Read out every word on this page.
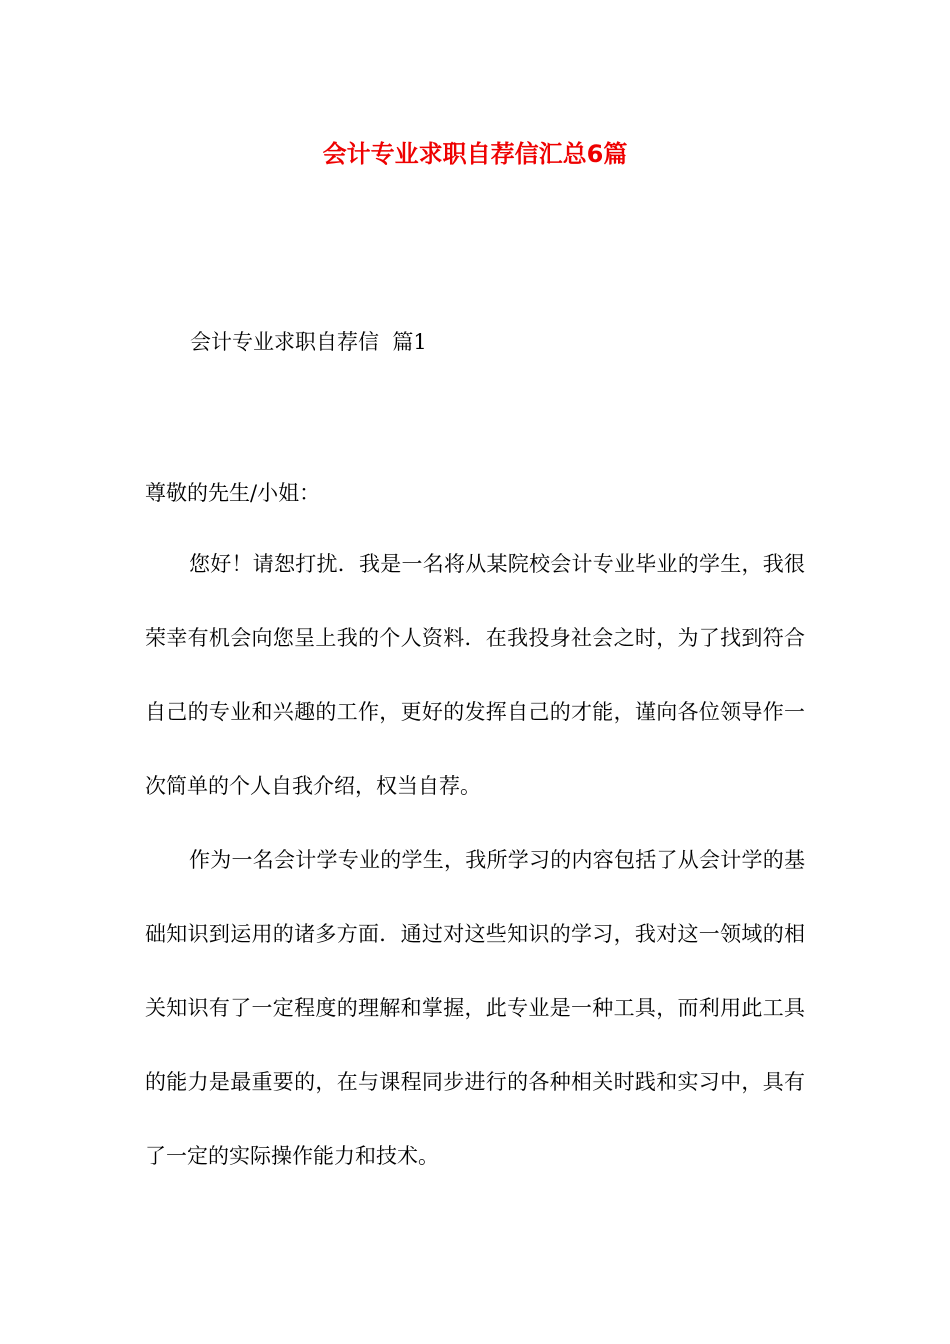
会计专业求职自荐信汇总6篇
会计专业求职自荐信  篇1
尊敬的先生/小姐：

您好！请恕打扰．我是一名将从某院校会计专业毕业的学生，我很荣幸有机会向您呈上我的个人资料．在我投身社会之时，为了找到符合自己的专业和兴趣的工作，更好的发挥自己的才能，谨向各位领导作一次简单的个人自我介绍，权当自荐。

作为一名会计学专业的学生，我所学习的内容包括了从会计学的基础知识到运用的诸多方面．通过对这些知识的学习，我对这一领域的相关知识有了一定程度的理解和掌握，此专业是一种工具，而利用此工具的能力是最重要的，在与课程同步进行的各种相关时践和实习中，具有了一定的实际操作能力和技术。
